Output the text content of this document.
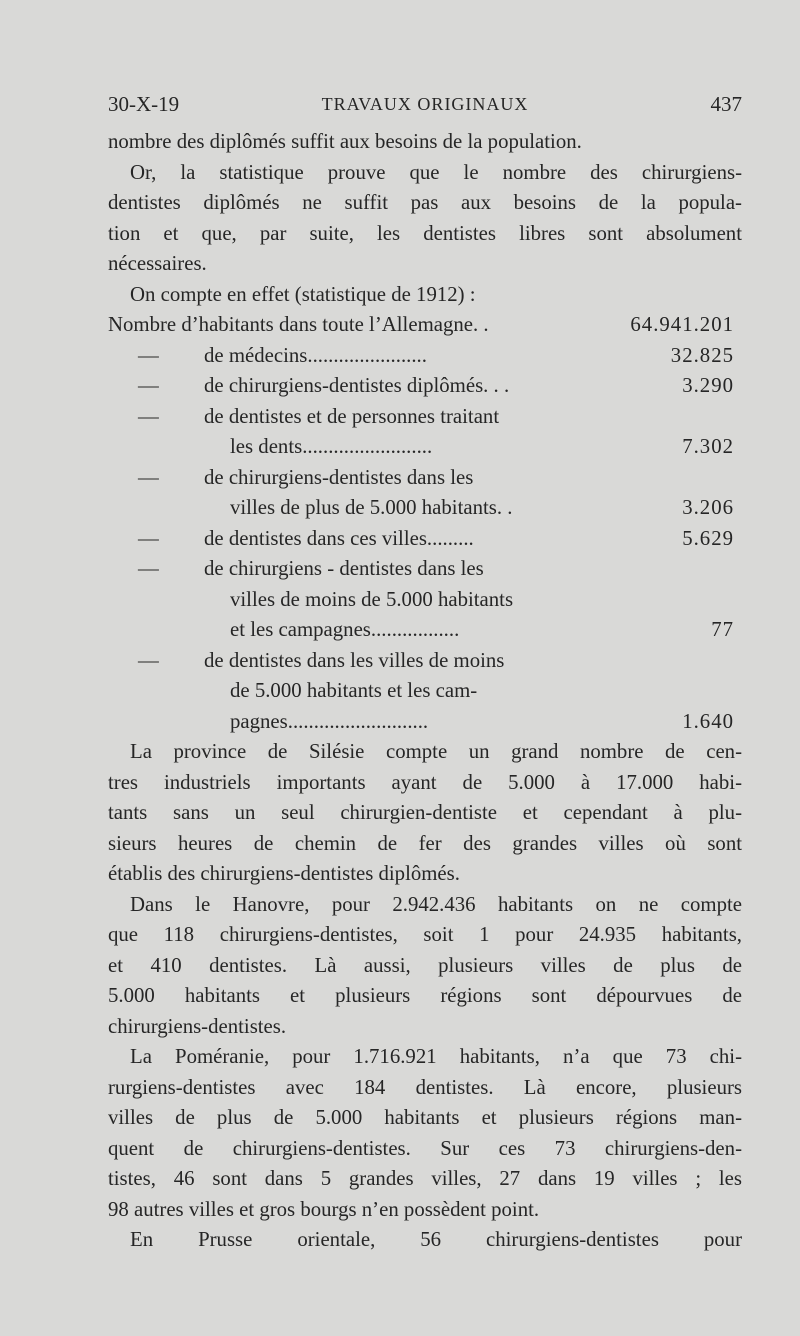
30-X-19	TRAVAUX ORIGINAUX	437
nombre des diplômés suffit aux besoins de la population.
Or, la statistique prouve que le nombre des chirurgiens-
dentistes diplômés ne suffit pas aux besoins de la popula-
tion et que, par suite, les dentistes libres sont absolument
nécessaires.
On compte en effet (statistique de 1912) :
Nombre d’habitants dans toute l’Allemagne. .	64.941.201
— de médecins.......................	32.825
— de chirurgiens-dentistes diplômés. . .	3.290
— de dentistes et de personnes traitant
les dents.........................	7.302
— de chirurgiens-dentistes dans les
villes de plus de 5.000 habitants. .	3.206
— de dentistes dans ces villes.........	5.629
— de chirurgiens - dentistes dans les
villes de moins de 5.000 habitants
et les campagnes.................	77
— de dentistes dans les villes de moins
de 5.000 habitants et les cam-
pagnes...........................	1.640
La province de Silésie compte un grand nombre de cen-
tres industriels importants ayant de 5.000 à 17.000 habi-
tants sans un seul chirurgien-dentiste et cependant à plu-
sieurs heures de chemin de fer des grandes villes où sont
établis des chirurgiens-dentistes diplômés.
Dans le Hanovre, pour 2.942.436 habitants on ne compte
que 118 chirurgiens-dentistes, soit 1 pour 24.935 habitants,
et 410 dentistes. Là aussi, plusieurs villes de plus de
5.000 habitants et plusieurs régions sont dépourvues de
chirurgiens-dentistes.
La Poméranie, pour 1.716.921 habitants, n’a que 73 chi-
rurgiens-dentistes avec 184 dentistes. Là encore, plusieurs
villes de plus de 5.000 habitants et plusieurs régions man-
quent de chirurgiens-dentistes. Sur ces 73 chirurgiens-den-
tistes, 46 sont dans 5 grandes villes, 27 dans 19 villes ; les
98 autres villes et gros bourgs n’en possèdent point.
En Prusse orientale, 56 chirurgiens-dentistes pour
